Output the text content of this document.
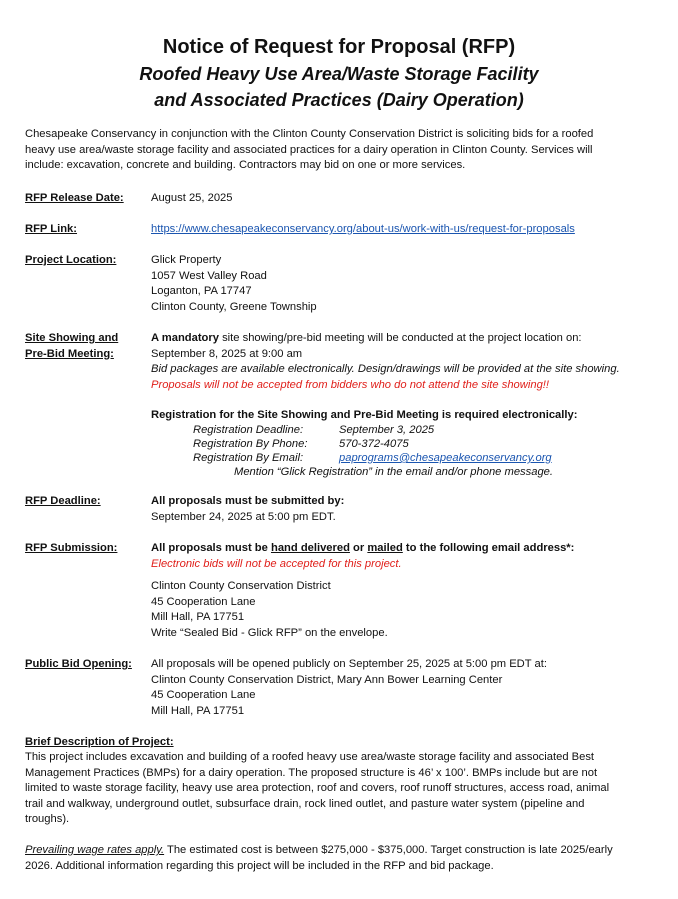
Notice of Request for Proposal (RFP)
Roofed Heavy Use Area/Waste Storage Facility
and Associated Practices (Dairy Operation)
Chesapeake Conservancy in conjunction with the Clinton County Conservation District is soliciting bids for a roofed
heavy use area/waste storage facility and associated practices for a dairy operation in Clinton County. Services will
include: excavation, concrete and building. Contractors may bid on one or more services.
RFP Release Date: August 25, 2025
RFP Link:	https://www.chesapeakeconservancy.org/about-us/work-with-us/request-for-proposals
Project Location:	Glick Property
1057 West Valley Road
Loganton, PA 17747
Clinton County, Greene Township
Site Showing and
Pre-Bid Meeting:
A mandatory site showing/pre-bid meeting will be conducted at the project location on:
September 8, 2025 at 9:00 am
Bid packages are available electronically. Design/drawings will be provided at the site showing.
Proposals will not be accepted from bidders who do not attend the site showing!!
Registration for the Site Showing and Pre-Bid Meeting is required electronically:
Registration Deadline:	September 3, 2025
Registration By Phone:	570-372-4075
Registration By Email:	paprograms@chesapeakeconservancy.org
Mention “Glick Registration” in the email and/or phone message.
RFP Deadline:	All proposals must be submitted by:
September 24, 2025 at 5:00 pm EDT.
RFP Submission:	All proposals must be hand delivered or mailed to the following email address*:
Electronic bids will not be accepted for this project.
Clinton County Conservation District
45 Cooperation Lane
Mill Hall, PA 17751
Write “Sealed Bid - Glick RFP” on the envelope.
Public Bid Opening: All proposals will be opened publicly on September 25, 2025 at 5:00 pm EDT at:
Clinton County Conservation District, Mary Ann Bower Learning Center
45 Cooperation Lane
Mill Hall, PA 17751
Brief Description of Project:
This project includes excavation and building of a roofed heavy use area/waste storage facility and associated Best
Management Practices (BMPs) for a dairy operation. The proposed structure is 46’ x 100’. BMPs include but are not
limited to waste storage facility, heavy use area protection, roof and covers, roof runoff structures, access road, animal
trail and walkway, underground outlet, subsurface drain, rock lined outlet, and pasture water system (pipeline and
troughs).
Prevailing wage rates apply. The estimated cost is between $275,000 - $375,000. Target construction is late 2025/early
2026. Additional information regarding this project will be included in the RFP and bid package.
